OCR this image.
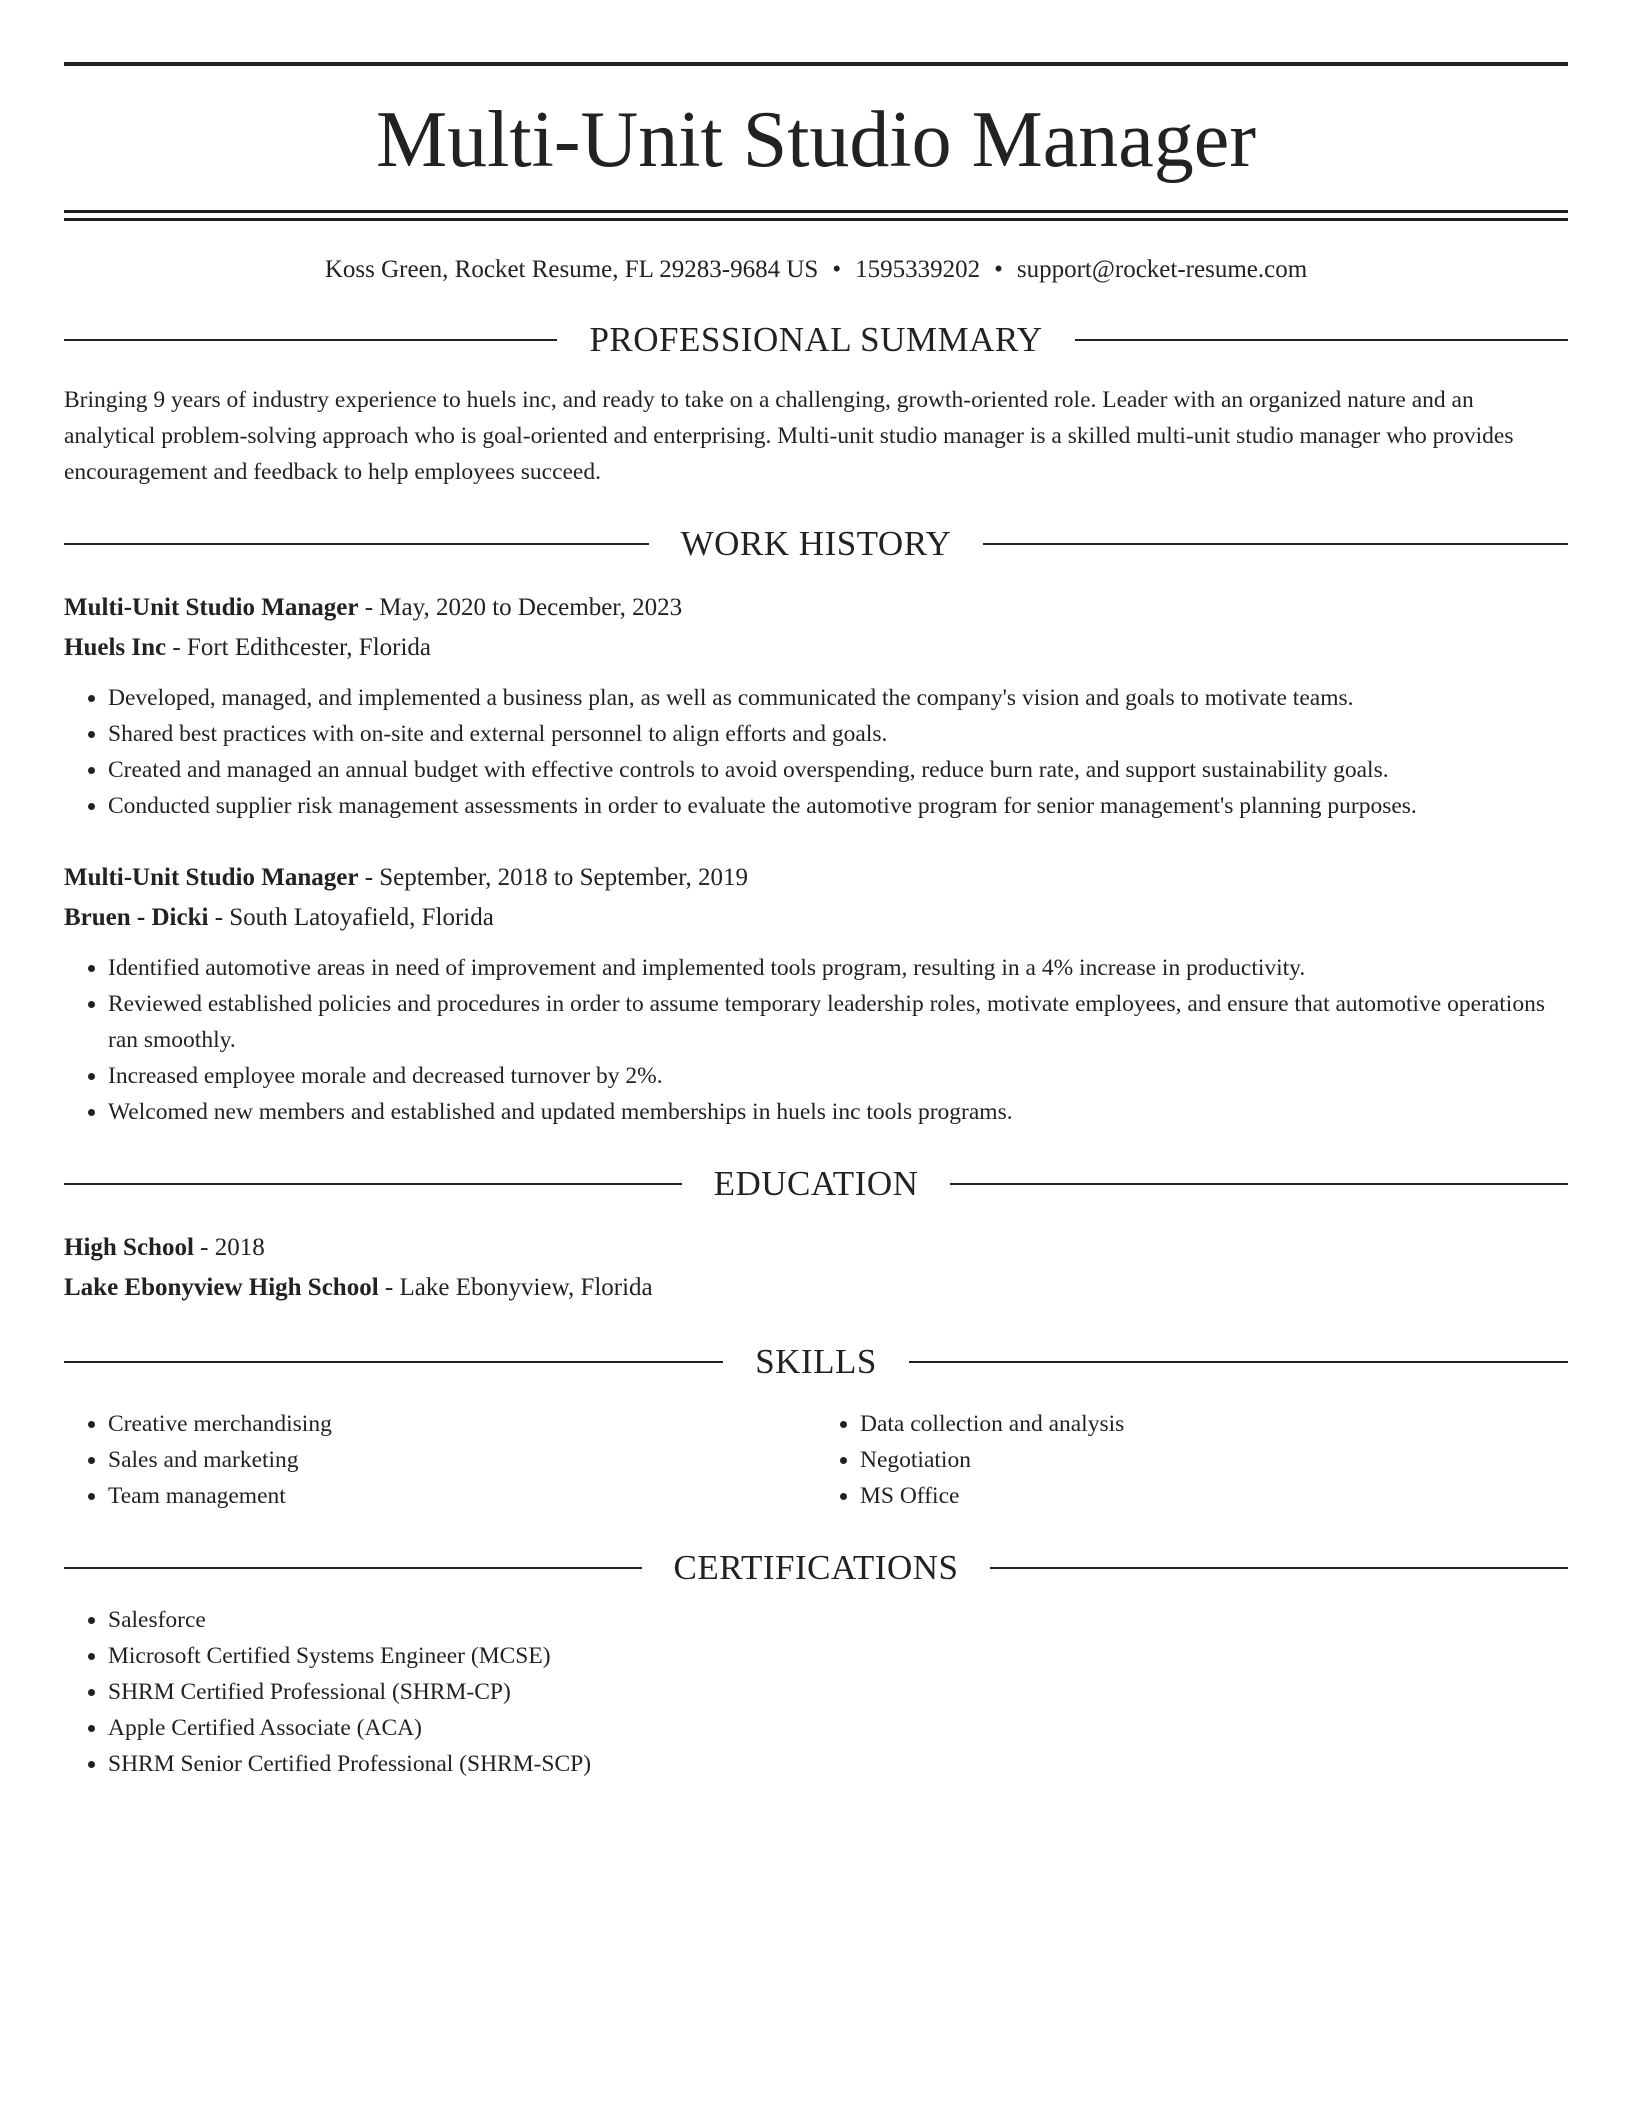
Multi-Unit Studio Manager
Koss Green, Rocket Resume, FL 29283-9684 US • 1595339202 • support@rocket-resume.com
PROFESSIONAL SUMMARY
Bringing 9 years of industry experience to huels inc, and ready to take on a challenging, growth-oriented role. Leader with an organized nature and an analytical problem-solving approach who is goal-oriented and enterprising. Multi-unit studio manager is a skilled multi-unit studio manager who provides encouragement and feedback to help employees succeed.
WORK HISTORY
Multi-Unit Studio Manager - May, 2020 to December, 2023
Huels Inc - Fort Edithcester, Florida
• Developed, managed, and implemented a business plan, as well as communicated the company's vision and goals to motivate teams.
• Shared best practices with on-site and external personnel to align efforts and goals.
• Created and managed an annual budget with effective controls to avoid overspending, reduce burn rate, and support sustainability goals.
• Conducted supplier risk management assessments in order to evaluate the automotive program for senior management's planning purposes.
Multi-Unit Studio Manager - September, 2018 to September, 2019
Bruen - Dicki - South Latoyafield, Florida
• Identified automotive areas in need of improvement and implemented tools program, resulting in a 4% increase in productivity.
• Reviewed established policies and procedures in order to assume temporary leadership roles, motivate employees, and ensure that automotive operations ran smoothly.
• Increased employee morale and decreased turnover by 2%.
• Welcomed new members and established and updated memberships in huels inc tools programs.
EDUCATION
High School - 2018
Lake Ebonyview High School - Lake Ebonyview, Florida
SKILLS
• Creative merchandising
• Sales and marketing
• Team management
• Data collection and analysis
• Negotiation
• MS Office
CERTIFICATIONS
• Salesforce
• Microsoft Certified Systems Engineer (MCSE)
• SHRM Certified Professional (SHRM-CP)
• Apple Certified Associate (ACA)
• SHRM Senior Certified Professional (SHRM-SCP)
